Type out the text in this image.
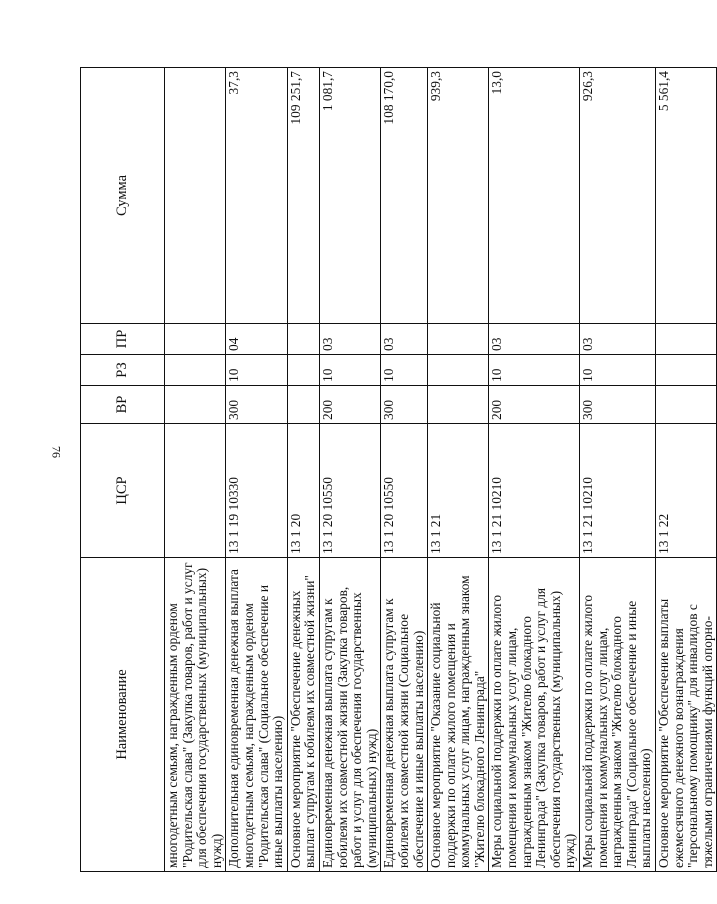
76
Наименование	ЦСР	ВР	РЗ	ПР	Сумма
многодетным семьям, награжденным орденом "Родительская слава" (Закупка товаров, работ и услуг для обеспечения государственных (муниципальных) нужд)					
Дополнительная единовременная денежная выплата многодетным семьям, награжденным орденом "Родительская слава" (Социальное обеспечение и иные выплаты населению)	13 1 19 10330	300	10	04	37,3
Основное мероприятие "Обеспечение денежных выплат супругам к юбилеям их совместной жизни"	13 1 20				109 251,7
Единовременная денежная выплата супругам к юбилеям их совместной жизни (Закупка товаров, работ и услуг для обеспечения государственных (муниципальных) нужд)	13 1 20 10550	200	10	03	1 081,7
Единовременная денежная выплата супругам к юбилеям их совместной жизни (Социальное обеспечение и иные выплаты населению)	13 1 20 10550	300	10	03	108 170,0
Основное мероприятие "Оказание социальной поддержки по оплате жилого помещения и коммунальных услуг лицам, награжденным знаком "Жителю блокадного Ленинграда"	13 1 21				939,3
Меры социальной поддержки по оплате жилого помещения и коммунальных услуг лицам, награжденным знаком "Жителю блокадного Ленинграда" (Закупка товаров, работ и услуг для обеспечения государственных (муниципальных) нужд)	13 1 21 10210	200	10	03	13,0
Меры социальной поддержки по оплате жилого помещения и коммунальных услуг лицам, награжденным знаком "Жителю блокадного Ленинграда" (Социальное обеспечение и иные выплаты населению)	13 1 21 10210	300	10	03	926,3
Основное мероприятие "Обеспечение выплаты ежемесячного денежного вознаграждения "персональному помощнику" для инвалидов с тяжелыми ограничениями функций опорно-	13 1 22				5 561,4
